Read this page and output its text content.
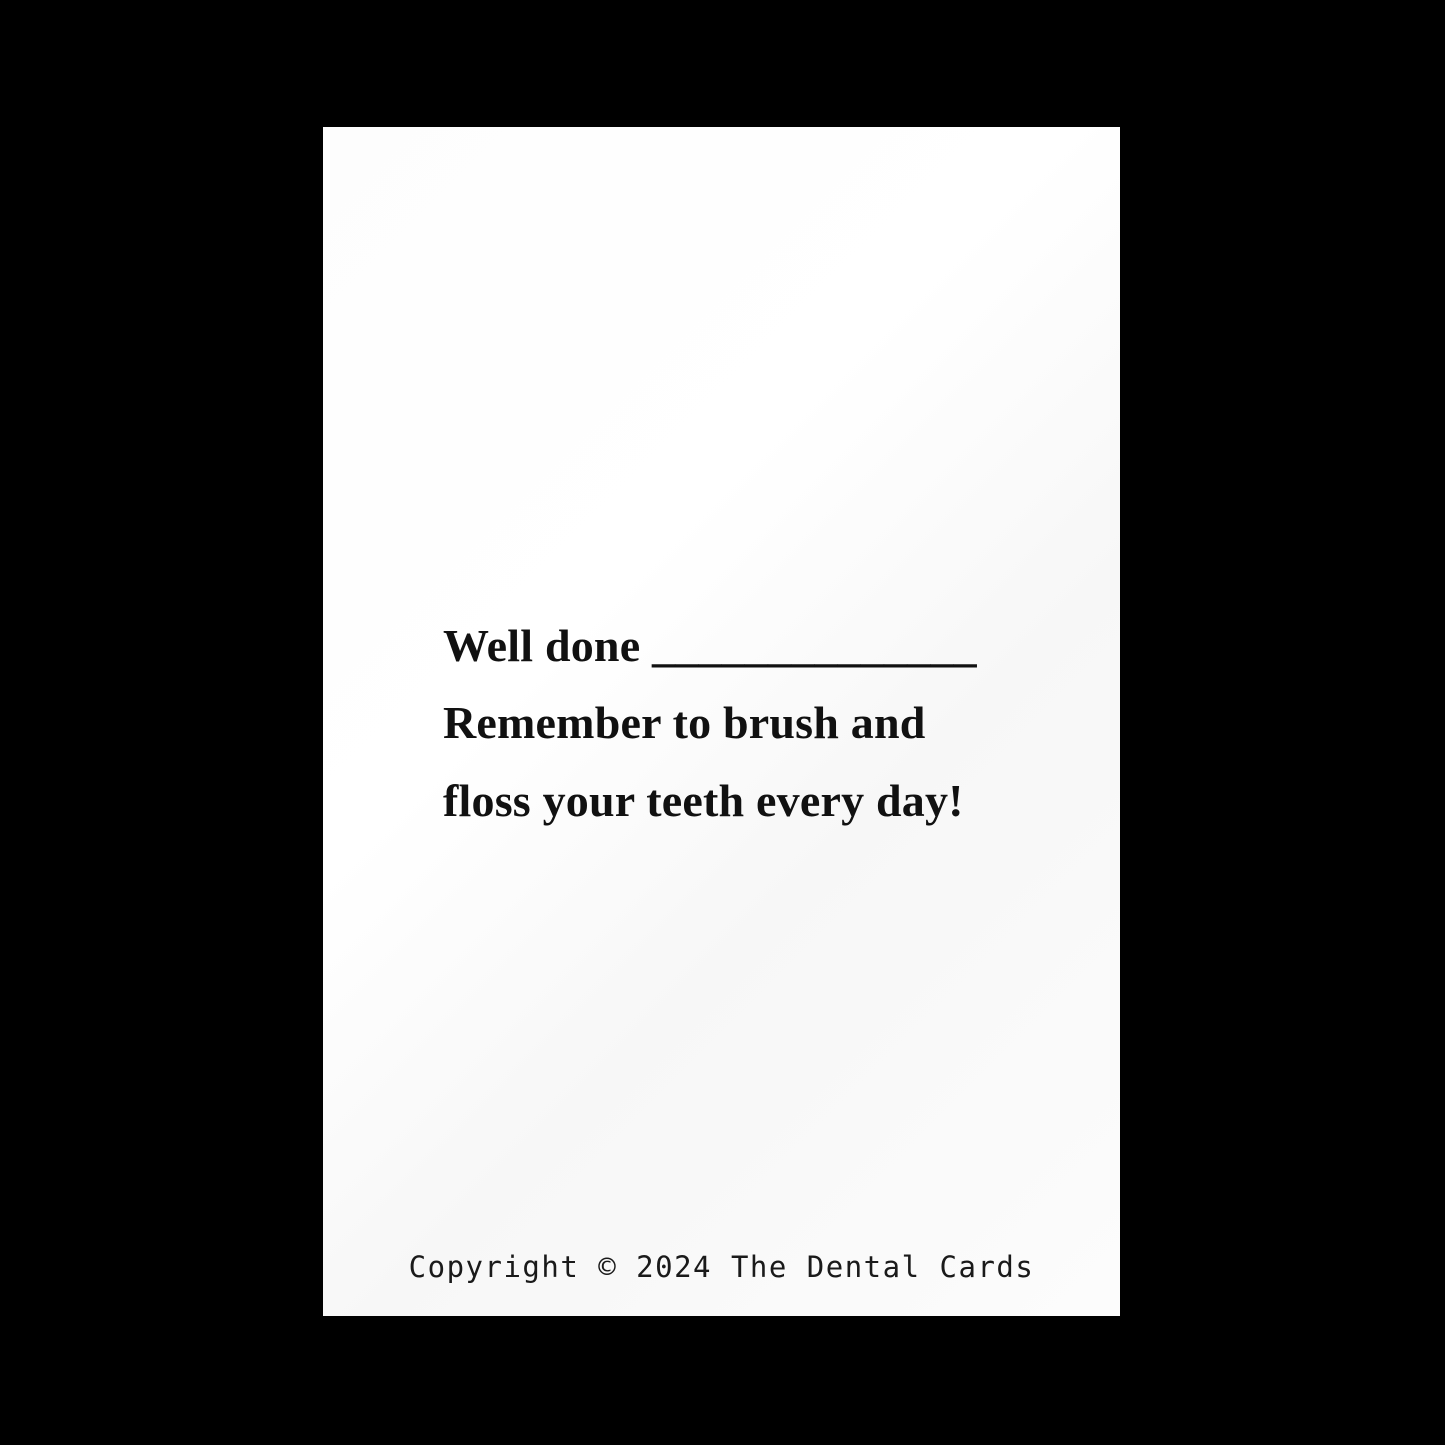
Well done ______________
Remember to brush and
floss your teeth every day!
Copyright © 2024 The Dental Cards
